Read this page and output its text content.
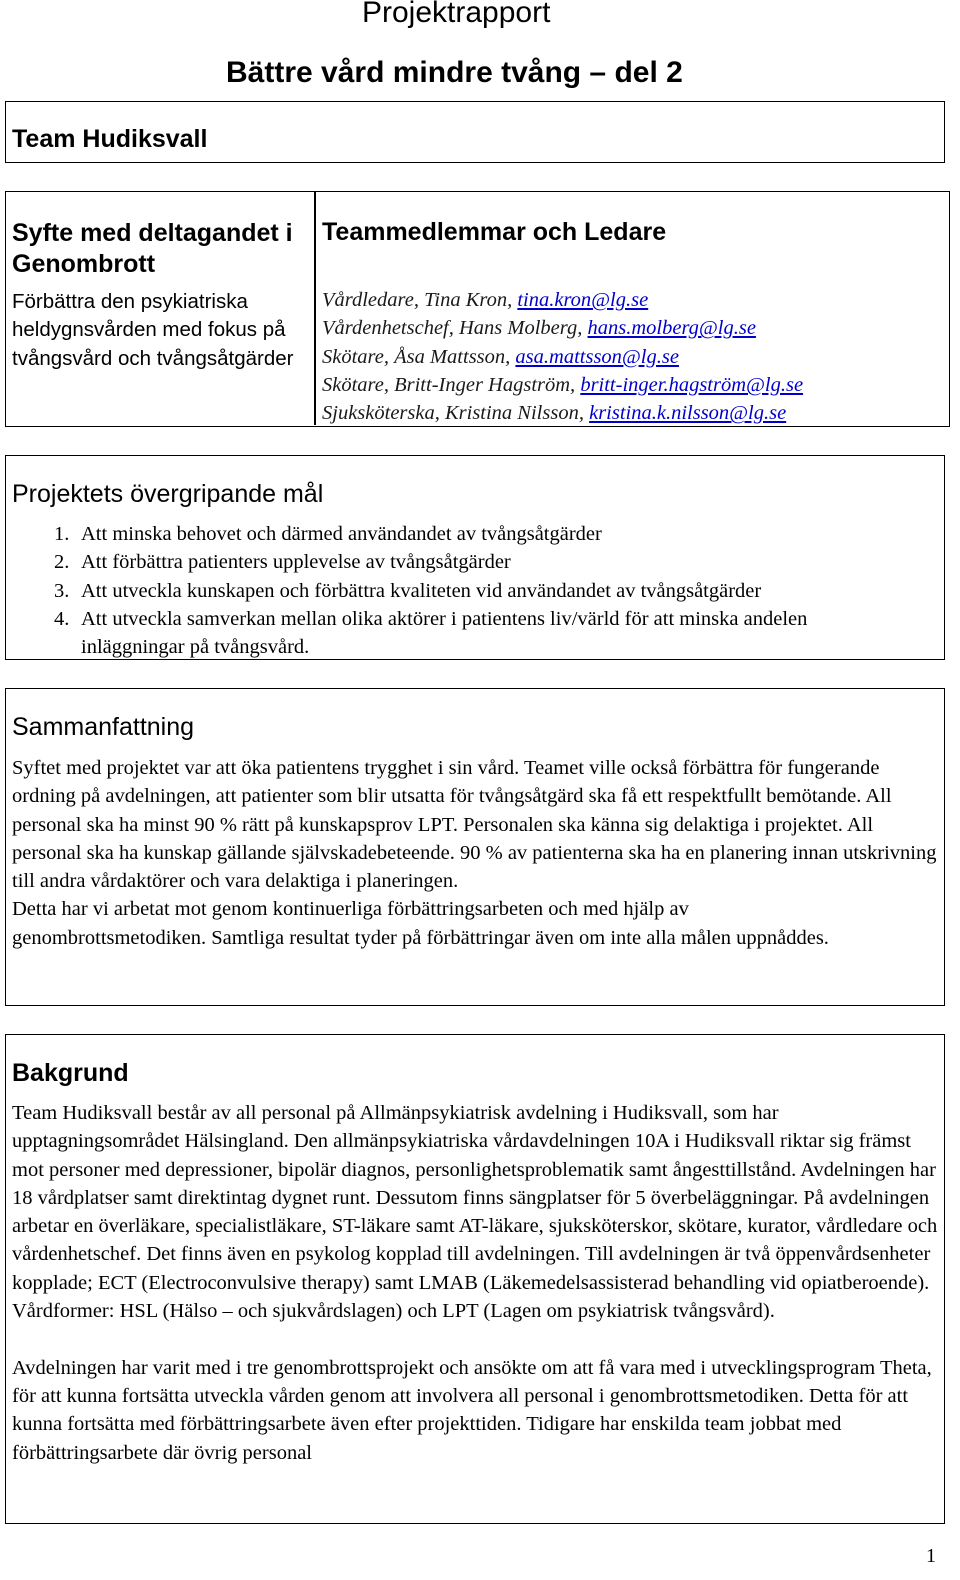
Projektrapport
Bättre vård mindre tvång – del 2
Team Hudiksvall
Syfte med deltagandet i Genombrott
Förbättra den psykiatriska heldygnsvården med fokus på tvångsvård och tvångsåtgärder
Teammedlemmar och Ledare
Vårdledare, Tina Kron, tina.kron@lg.se
Vårdenhetschef, Hans Molberg, hans.molberg@lg.se
Skötare, Åsa Mattsson, asa.mattsson@lg.se
Skötare, Britt-Inger Hagström, britt-inger.hagström@lg.se
Sjuksköterska, Kristina Nilsson, kristina.k.nilsson@lg.se
Projektets övergripande mål
1. Att minska behovet och därmed användandet av tvångsåtgärder
2. Att förbättra patienters upplevelse av tvångsåtgärder
3. Att utveckla kunskapen och förbättra kvaliteten vid användandet av tvångsåtgärder
4. Att utveckla samverkan mellan olika aktörer i patientens liv/värld för att minska andelen inläggningar på tvångsvård.
Sammanfattning

Syftet med projektet var att öka patientens trygghet i sin vård. Teamet ville också förbättra för fungerande ordning på avdelningen, att patienter som blir utsatta för tvångsåtgärd ska få ett respektfullt bemötande. All personal ska ha minst 90 % rätt på kunskapsprov LPT. Personalen ska känna sig delaktiga i projektet. All personal ska ha kunskap gällande självskadebeteende. 90 % av patienterna ska ha en planering innan utskrivning till andra vårdaktörer och vara delaktiga i planeringen.

Detta har vi arbetat mot genom kontinuerliga förbättringsarbeten och med hjälp av genombrottsmetodiken. Samtliga resultat tyder på förbättringar även om inte alla målen uppnåddes.

Bakgrund

Team Hudiksvall består av all personal på Allmänpsykiatrisk avdelning i Hudiksvall, som har upptagningsområdet Hälsingland. Den allmänpsykiatriska vårdavdelningen 10A i Hudiksvall riktar sig främst mot personer med depressioner, bipolär diagnos, personlighetsproblematik samt ångesttillstånd. Avdelningen har 18 vårdplatser samt direktintag dygnet runt. Dessutom finns sängplatser för 5 överbeläggningar. På avdelningen arbetar en överläkare, specialistläkare, ST-läkare samt AT-läkare, sjuksköterskor, skötare, kurator, vårdledare och vårdenhetschef. Det finns även en psykolog kopplad till avdelningen. Till avdelningen är två öppenvårdsenheter kopplade; ECT (Electroconvulsive therapy) samt LMAB (Läkemedelsassisterad behandling vid opiatberoende). Vårdformer: HSL (Hälso – och sjukvårdslagen) och LPT (Lagen om psykiatrisk tvångsvård).

Avdelningen har varit med i tre genombrottsprojekt och ansökte om att få vara med i utvecklingsprogram Theta, för att kunna fortsätta utveckla vården genom att involvera all personal i genombrottsmetodiken. Detta för att kunna fortsätta med förbättringsarbete även efter projekttiden. Tidigare har enskilda team jobbat med förbättringsarbete där övrig personal

1
